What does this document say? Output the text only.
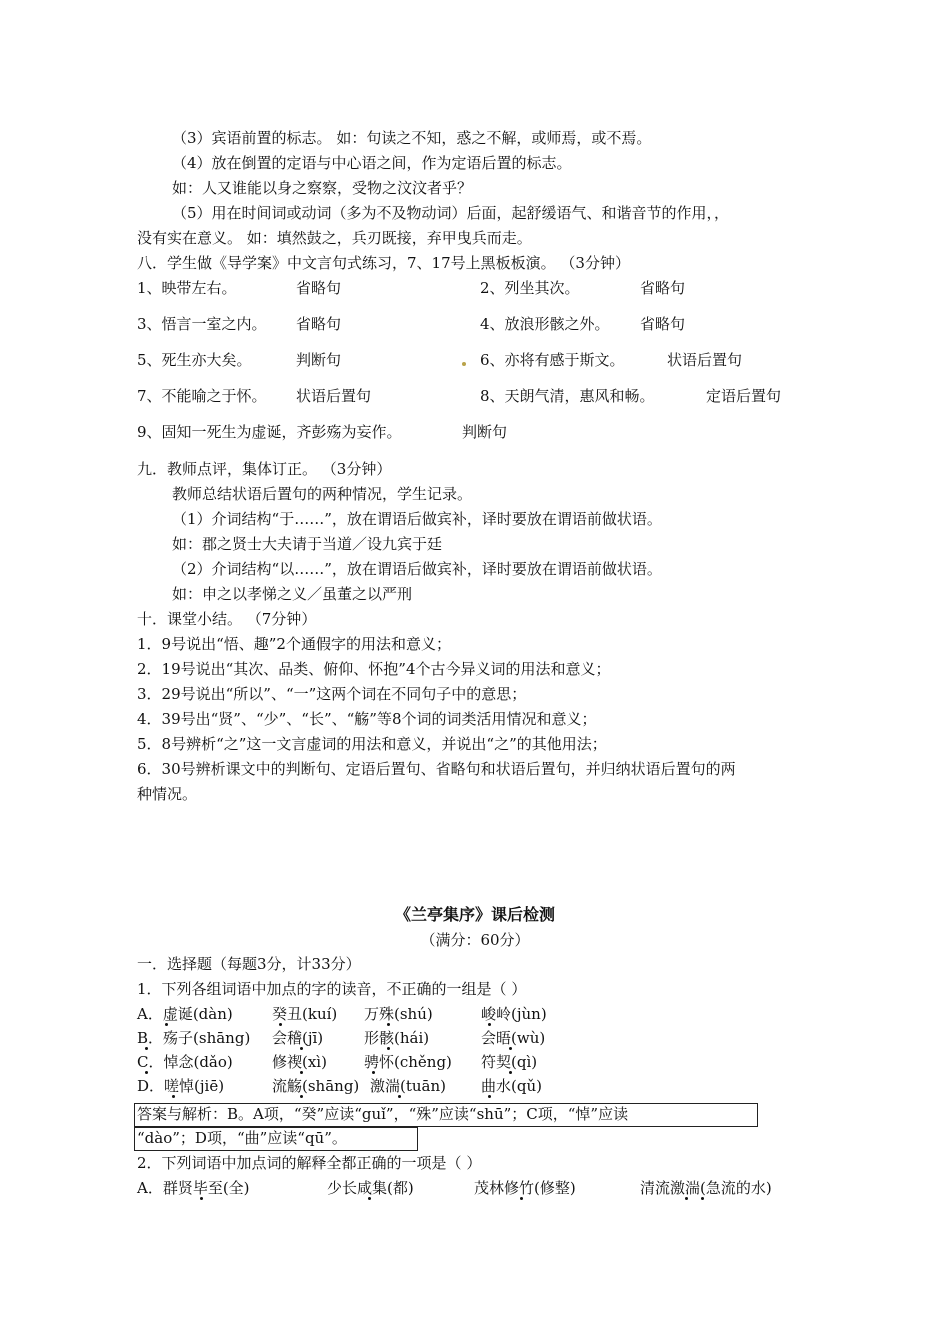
（3）宾语前置的标志。 如：句读之不知，惑之不解，或师焉，或不焉。
（4）放在倒置的定语与中心语之间，作为定语后置的标志。
如：人又谁能以身之察察，受物之汶汶者乎？
（5）用在时间词或动词（多为不及物动词）后面，起舒缓语气、和谐音节的作用，，
没有实在意义。 如：填然鼓之，兵刃既接，弃甲曳兵而走。
八．学生做《导学案》中文言句式练习，7、17号上黑板板演。 （3分钟）
1、映带左右。	省略句	2、列坐其次。	省略句
3、悟言一室之内。 省略句	4、放浪形骸之外。 省略句
5、死生亦大矣。	判断句	6、亦将有感于斯文。	状语后置句
7、不能喻之于怀。 状语后置句	8、天朗气清，惠风和畅。	定语后置句
9、固知一死生为虚诞，齐彭殇为妄作。	判断句
九．教师点评，集体订正。 （3分钟）
教师总结状语后置句的两种情况，学生记录。
（1）介词结构“于……”，放在谓语后做宾补，译时要放在谓语前做状语。
如：郡之贤士大夫请于当道／设九宾于廷
（2）介词结构“以……”，放在谓语后做宾补，译时要放在谓语前做状语。
如：申之以孝悌之义／虽董之以严刑
十．课堂小结。 （7分钟）
1．9号说出“悟、趣”2个通假字的用法和意义；
2．19号说出“其次、品类、俯仰、怀抱”4个古今异义词的用法和意义；
3．29号说出“所以”、“一”这两个词在不同句子中的意思；
4．39号出“贤”、“少”、“长”、“觞”等8个词的词类活用情况和意义；
5．8号辨析“之”这一文言虚词的用法和意义，并说出“之”的其他用法；
6．30号辨析课文中的判断句、定语后置句、省略句和状语后置句，并归纳状语后置句的两
种情况。
《兰亭集序》课后检测
（满分：60分）
一．选择题（每题3分，计33分）
1．下列各组词语中加点的字的读音，不正确的一组是（ ）
A．虚诞(dàn)	癸丑(kuí) 万殊(shú)	峻岭(jùn)
B．殇子(shāng) 会稽(jī)	形骸(hái)	会晤(wù)
C．悼念(dǎo)	修禊(xì) 骋怀(chěng) 符契(qì)
D．嗟悼(jiē)	流觞(shāng) 激湍(tuān) 曲水(qǔ)
答案与解析：B。A项，“癸”应读“guǐ”，“殊”应读“shū”；C项，“悼”应读
“dào”；D项，“曲”应读“qū”。
2．下列词语中加点词的解释全都正确的一项是（ ）
A．群贤毕至(全)	少长咸集(都)	茂林修竹(修整)	清流激湍(急流的水)
